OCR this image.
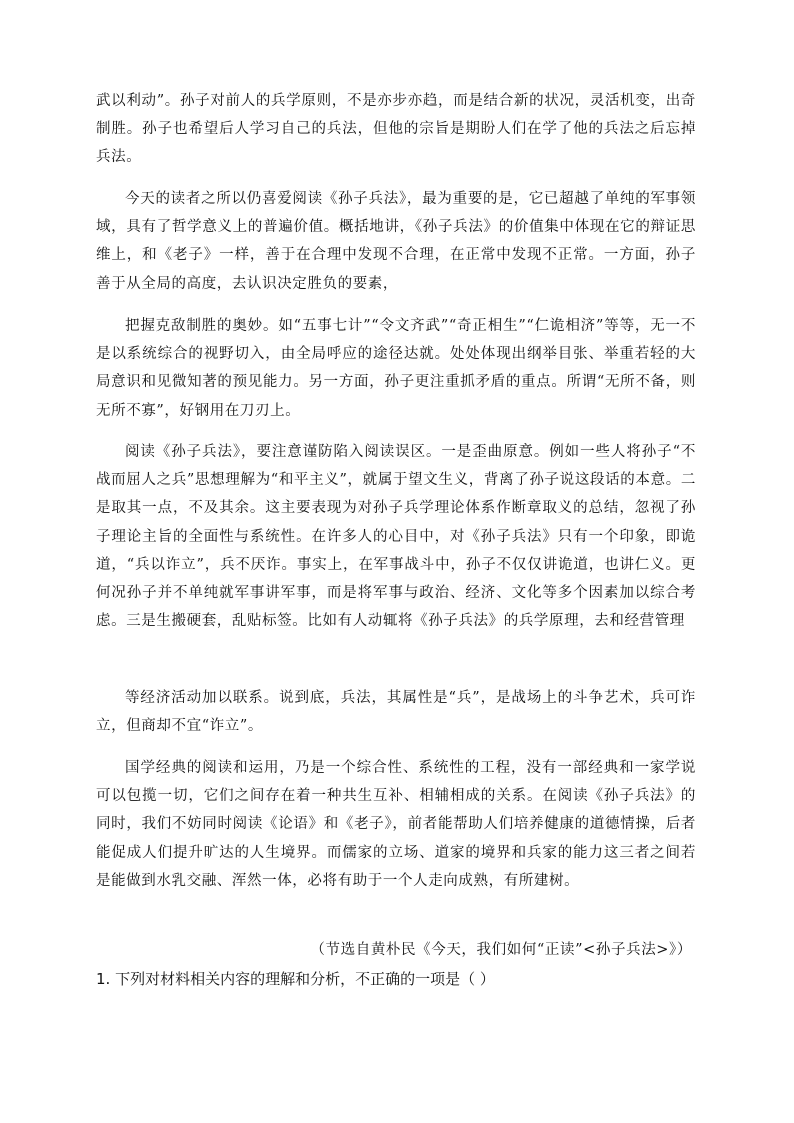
武以利动”。孙子对前人的兵学原则，不是亦步亦趋，而是结合新的状况，灵活机变，出奇制胜。孙子也希望后人学习自己的兵法，但他的宗旨是期盼人们在学了他的兵法之后忘掉兵法。

今天的读者之所以仍喜爱阅读《孙子兵法》，最为重要的是，它已超越了单纯的军事领域，具有了哲学意义上的普遍价值。概括地讲，《孙子兵法》的价值集中体现在它的辩证思维上，和《老子》一样，善于在合理中发现不合理，在正常中发现不正常。一方面，孙子善于从全局的高度，去认识决定胜负的要素，

把握克敌制胜的奥妙。如“五事七计”“令文齐武”“奇正相生”“仁诡相济”等等，无一不是以系统综合的视野切入，由全局呼应的途径达就。处处体现出纲举目张、举重若轻的大局意识和见微知著的预见能力。另一方面，孙子更注重抓矛盾的重点。所谓“无所不备，则无所不寡”，好钢用在刀刃上。

阅读《孙子兵法》，要注意谨防陷入阅读误区。一是歪曲原意。例如一些人将孙子“不战而屈人之兵”思想理解为“和平主义”，就属于望文生义，背离了孙子说这段话的本意。二是取其一点，不及其余。这主要表现为对孙子兵学理论体系作断章取义的总结，忽视了孙子理论主旨的全面性与系统性。在许多人的心目中，对《孙子兵法》只有一个印象，即诡道，“兵以诈立”，兵不厌诈。事实上，在军事战斗中，孙子不仅仅讲诡道，也讲仁义。更何况孙子并不单纯就军事讲军事，而是将军事与政治、经济、文化等多个因素加以综合考虑。三是生搬硬套，乱贴标签。比如有人动辄将《孙子兵法》的兵学原理，去和经营管理

等经济活动加以联系。说到底，兵法，其属性是“兵”，是战场上的斗争艺术，兵可诈立，但商却不宜“诈立”。

国学经典的阅读和运用，乃是一个综合性、系统性的工程，没有一部经典和一家学说可以包揽一切，它们之间存在着一种共生互补、相辅相成的关系。在阅读《孙子兵法》的同时，我们不妨同时阅读《论语》和《老子》，前者能帮助人们培养健康的道德情操，后者能促成人们提升旷达的人生境界。而儒家的立场、道家的境界和兵家的能力这三者之间若是能做到水乳交融、浑然一体，必将有助于一个人走向成熟，有所建树。

（节选自黄朴民《今天，我们如何“正读”<孙子兵法>》）
1. 下列对材料相关内容的理解和分析，不正确的一项是（ ）
